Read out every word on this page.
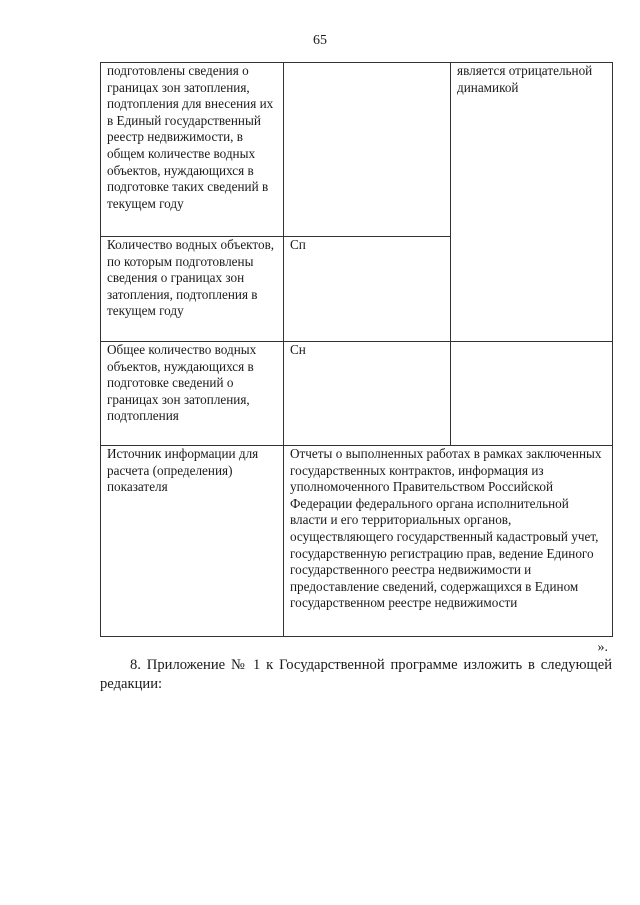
65
подготовлены сведения о границах зон затопления, подтопления для внесения их в Единый государственный реестр недвижимости, в общем количестве водных объектов, нуждающихся в подготовке таких сведений в текущем году		является отрицательной динамикой
Количество водных объектов, по которым подготовлены сведения о границах зон затопления, подтопления в текущем году	Сп	
Общее количество водных объектов, нуждающихся в подготовке сведений о границах зон затопления, подтопления	Сн	
Источник информации для расчета (определения) показателя	Отчеты о выполненных работах в рамках заключенных государственных контрактов, информация из уполномоченного Правительством Российской Федерации федерального органа исполнительной власти и его территориальных органов, осуществляющего государственный кадастровый учет, государственную регистрацию прав, ведение Единого государственного реестра недвижимости и предоставление сведений, содержащихся в Едином государственном реестре недвижимости	
».

8. Приложение № 1 к Государственной программе изложить в следующей редакции:
